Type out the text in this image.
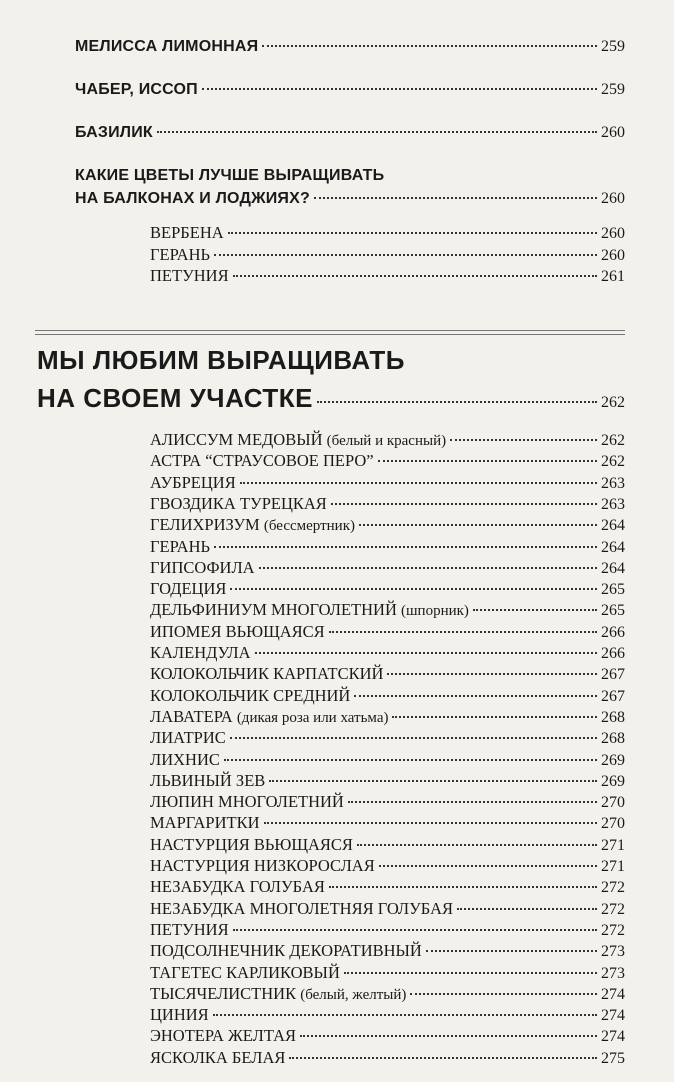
МЕЛИССА ЛИМОННАЯ	259
ЧАБЕР, ИССОП	259
БАЗИЛИК	260
КАКИЕ ЦВЕТЫ ЛУЧШЕ ВЫРАЩИВАТЬ
НА БАЛКОНАХ И ЛОДЖИЯХ?	260
ВЕРБЕНА	260
ГЕРАНЬ	260
ПЕТУНИЯ	261
МЫ ЛЮБИМ ВЫРАЩИВАТЬ
НА СВОЕМ УЧАСТКЕ	262
АЛИССУМ МЕДОВЫЙ (белый и красный)	262
АСТРА “СТРАУСОВОЕ ПЕРО”	262
АУБРЕЦИЯ	263
ГВОЗДИКА ТУРЕЦКАЯ	263
ГЕЛИХРИЗУМ (бессмертник)	264
ГЕРАНЬ	264
ГИПСОФИЛА	264
ГОДЕЦИЯ	265
ДЕЛЬФИНИУМ МНОГОЛЕТНИЙ (шпорник)	265
ИПОМЕЯ ВЬЮЩАЯСЯ	266
КАЛЕНДУЛА	266
КОЛОКОЛЬЧИК КАРПАТСКИЙ	267
КОЛОКОЛЬЧИК СРЕДНИЙ	267
ЛАВАТЕРА (дикая роза или хатьма)	268
ЛИАТРИС	268
ЛИХНИС	269
ЛЬВИНЫЙ ЗЕВ	269
ЛЮПИН МНОГОЛЕТНИЙ	270
МАРГАРИТКИ	270
НАСТУРЦИЯ ВЬЮЩАЯСЯ	271
НАСТУРЦИЯ НИЗКОРОСЛАЯ	271
НЕЗАБУДКА ГОЛУБАЯ	272
НЕЗАБУДКА МНОГОЛЕТНЯЯ ГОЛУБАЯ	272
ПЕТУНИЯ	272
ПОДСОЛНЕЧНИК ДЕКОРАТИВНЫЙ	273
ТАГЕТЕС КАРЛИКОВЫЙ	273
ТЫСЯЧЕЛИСТНИК (белый, желтый)	274
ЦИНИЯ	274
ЭНОТЕРА ЖЕЛТАЯ	274
ЯСКОЛКА БЕЛАЯ	275
